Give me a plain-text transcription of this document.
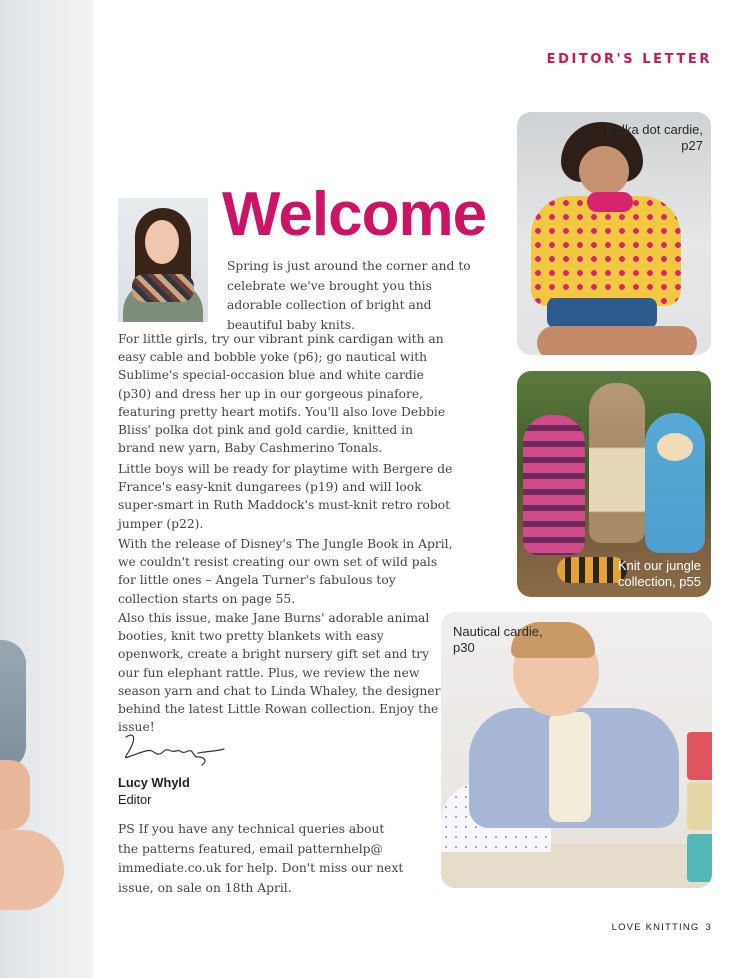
EDITOR'S LETTER
Welcome

Spring is just around the corner and to celebrate we've brought you this adorable collection of bright and beautiful baby knits.

For little girls, try our vibrant pink cardigan with an easy cable and bobble yoke (p6); go nautical with Sublime's special-occasion blue and white cardie (p30) and dress her up in our gorgeous pinafore, featuring pretty heart motifs. You'll also love Debbie Bliss' polka dot pink and gold cardie, knitted in brand new yarn, Baby Cashmerino Tonals.

Little boys will be ready for playtime with Bergere de France's easy-knit dungarees (p19) and will look super-smart in Ruth Maddock's must-knit retro robot jumper (p22).

With the release of Disney's The Jungle Book in April, we couldn't resist creating our own set of wild pals for little ones – Angela Turner's fabulous toy collection starts on page 55.

Also this issue, make Jane Burns' adorable animal booties, knit two pretty blankets with easy openwork, create a bright nursery gift set and try our fun elephant rattle. Plus, we review the new season yarn and chat to Linda Whaley, the designer behind the latest Little Rowan collection. Enjoy the issue!

Lucy Whyld
Editor

PS If you have any technical queries about the patterns featured, email patternhelp@ immediate.co.uk for help. Don't miss our next issue, on sale on 18th April.

Polka dot cardie, p27
Knit our jungle collection, p55
Nautical cardie, p30
LOVE KNITTING 3
